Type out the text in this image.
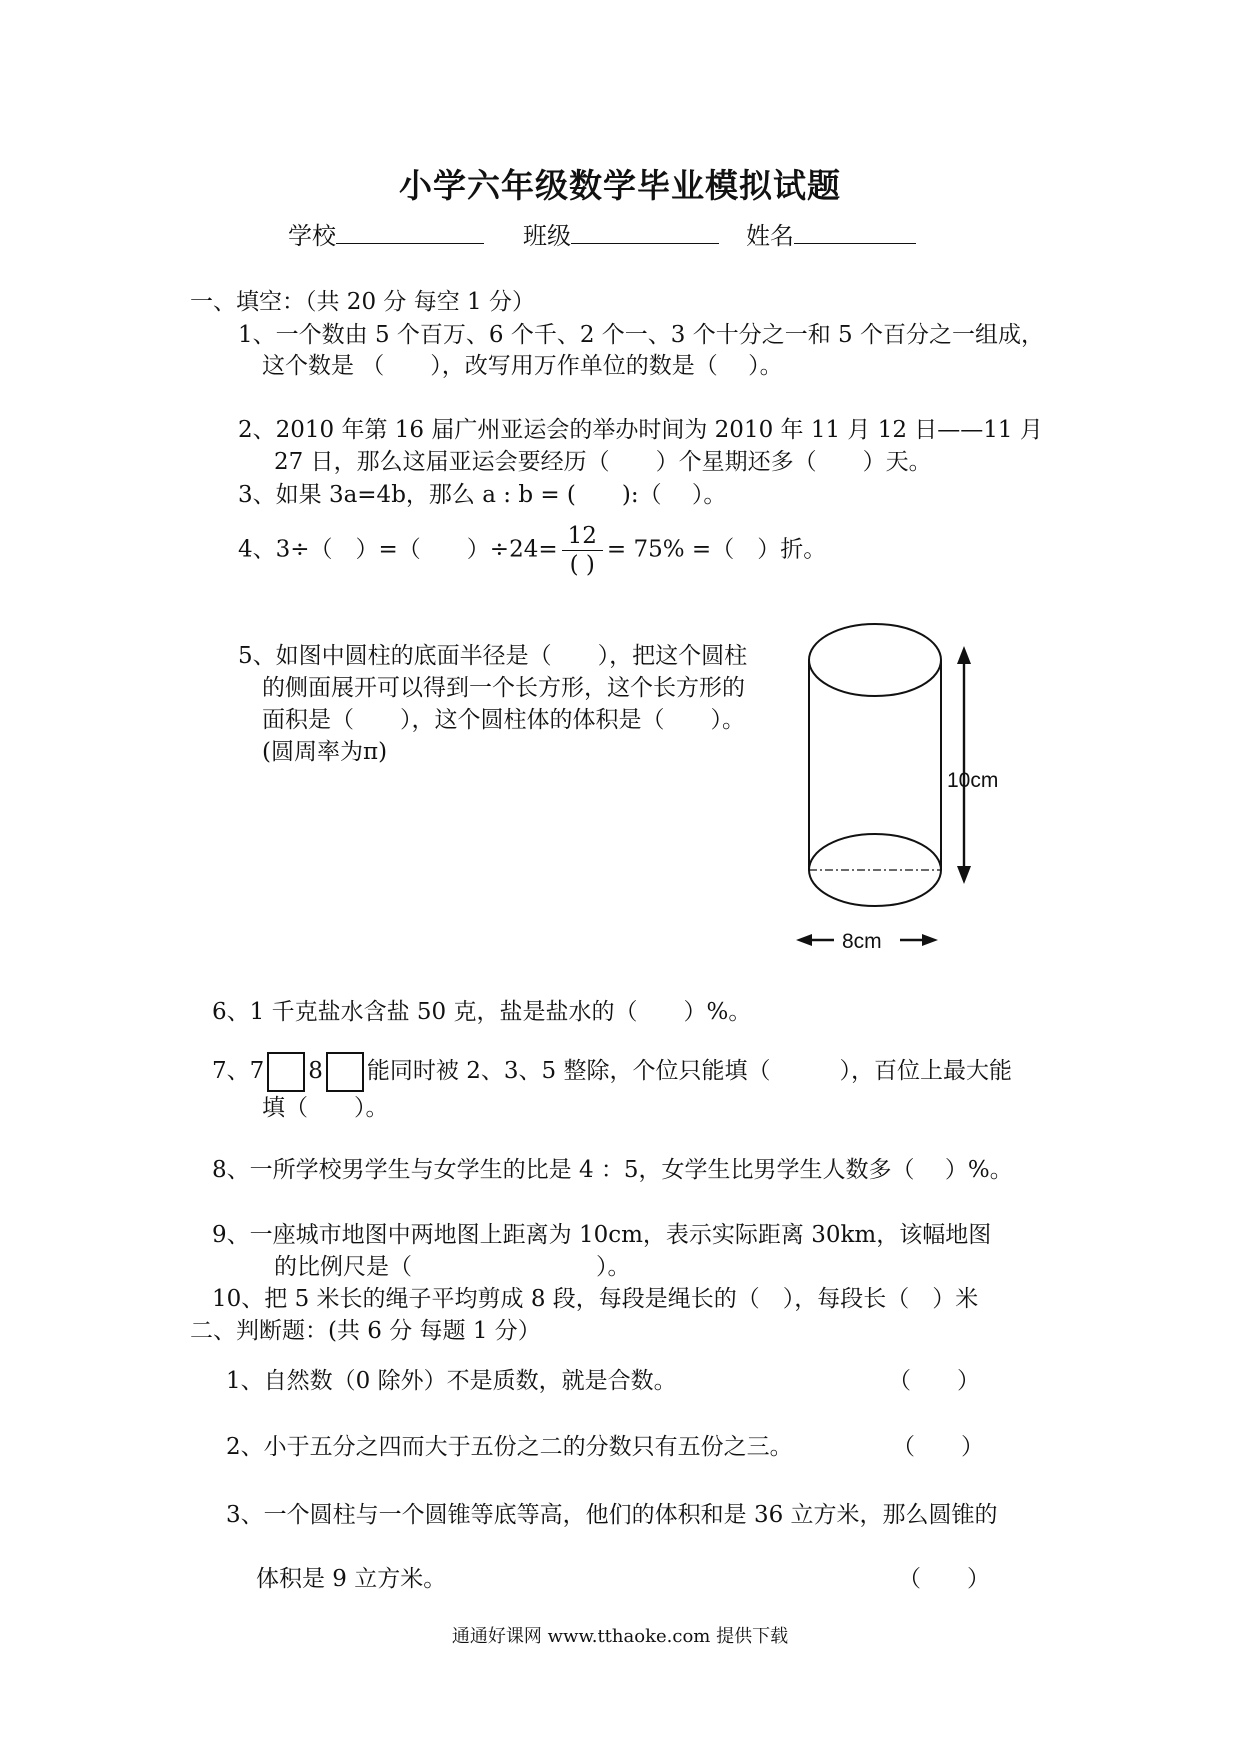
小学六年级数学毕业模拟试题
学校	班级	姓名
一、填空：（共 20 分 每空 1 分）
1、一个数由 5 个百万、6 个千、2 个一、3 个十分之一和 5 个百分之一组成，
这个数是 （　　），改写用万作单位的数是（　 ）。
2、2010 年第 16 届广州亚运会的举办时间为 2010 年 11 月 12 日——11 月
27 日，那么这届亚运会要经历（　　）个星期还多（　　）天。
3、如果 3a=4b，那么 a : b = (　　):（　 ）。
4、3÷（　）=（　　）$\div 24= \frac{12}{( )} = 75\%$ =（　）折。
5、如图中圆柱的底面半径是（　　），把这个圆柱
的侧面展开可以得到一个长方形，这个长方形的
面积是（　　），这个圆柱体的体积是（　　）。
(圆周率为π)
10cm
8cm
6、1 千克盐水含盐 50 克，盐是盐水的（　　）%。
7、7 8 能同时被 2、3、5 整除，个位只能填（　　　），百位上最大能
填（　　）。
8、一所学校男学生与女学生的比是 4 ：5，女学生比男学生人数多（　 ）%。
9、一座城市地图中两地图上距离为 10cm，表示实际距离 30km，该幅地图
的比例尺是（　　　　　　　　）。
10、把 5 米长的绳子平均剪成 8 段，每段是绳长的（　），每段长（　）米
二、判断题：(共 6 分 每题 1 分）
1、自然数（0 除外）不是质数，就是合数。	（　　）
2、小于五分之四而大于五份之二的分数只有五份之三。	（　　）
3、一个圆柱与一个圆锥等底等高，他们的体积和是 36 立方米，那么圆锥的
体积是 9 立方米。	（　　）
通通好课网 www.tthaoke.com 提供下载
